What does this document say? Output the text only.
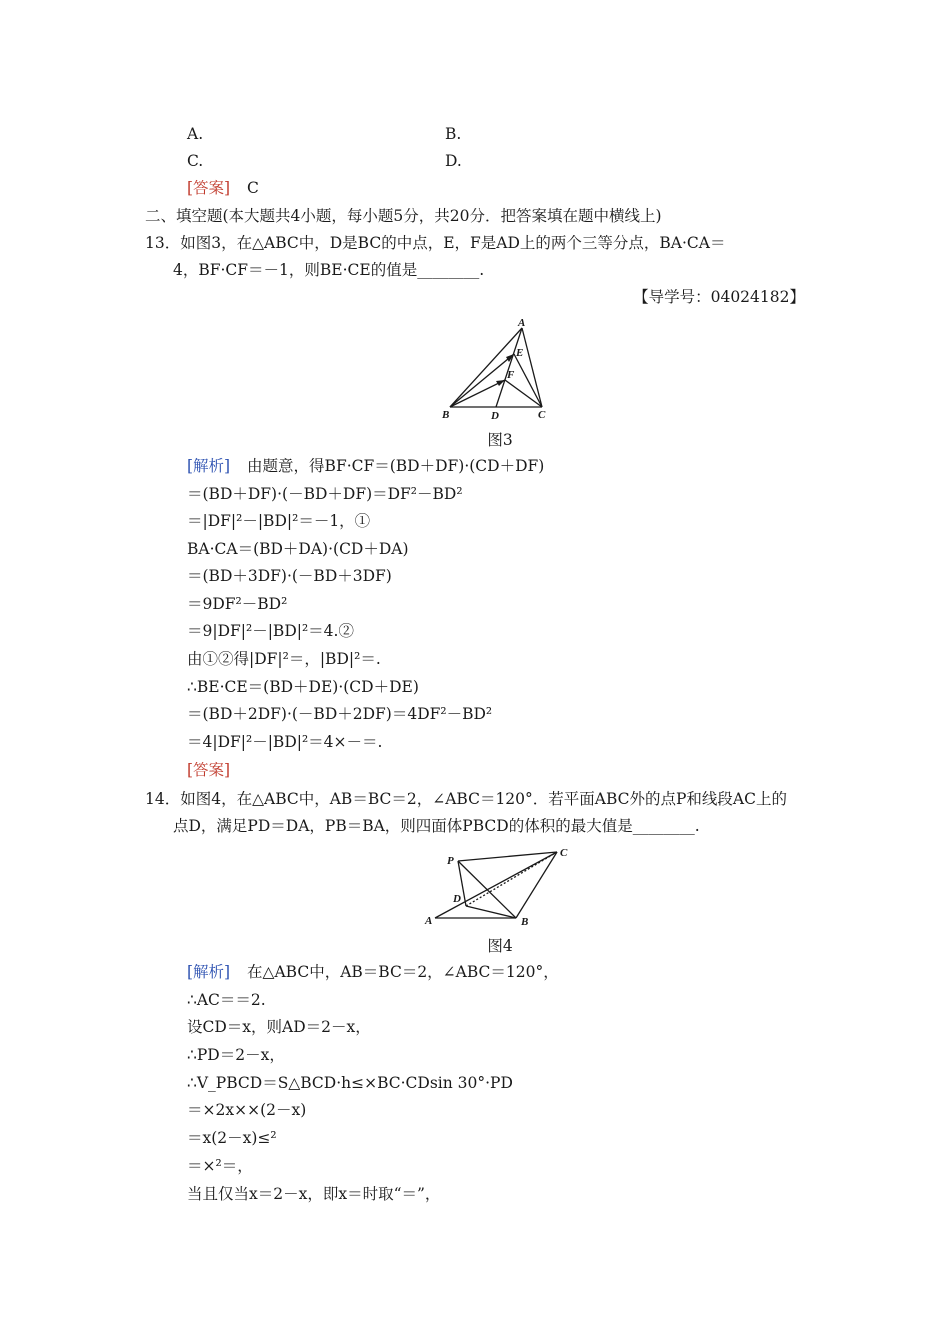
A.	B.
C.	D.
[答案] C
二、填空题(本大题共4小题，每小题5分，共20分．把答案填在题中横线上)
13．如图3，在△ABC中，D是BC的中点，E，F是AD上的两个三等分点，BA·CA＝
4，BF·CF＝－1，则BE·CE的值是________.
【导学号：04024182】
A
E
F
B	D	C
图3
[解析] 由题意，得BF·CF＝(BD＋DF)·(CD＋DF)
＝(BD＋DF)·(－BD＋DF)＝DF²－BD²
＝|DF|²－|BD|²＝－1，①
BA·CA＝(BD＋DA)·(CD＋DA)
＝(BD＋3DF)·(－BD＋3DF)
＝9DF²－BD²
＝9|DF|²－|BD|²＝4.②
由①②得|DF|²＝，|BD|²＝.
∴BE·CE＝(BD＋DE)·(CD＋DE)
＝(BD＋2DF)·(－BD＋2DF)＝4DF²－BD²
＝4|DF|²－|BD|²＝4×－＝.
[答案]
14．如图4，在△ABC中，AB＝BC＝2，∠ABC＝120°．若平面ABC外的点P和线段AC上的
点D，满足PD＝DA，PB＝BA，则四面体PBCD的体积的最大值是________.
P
C
D
A	B
图4
[解析] 在△ABC中，AB＝BC＝2，∠ABC＝120°，
∴AC＝＝2.
设CD＝x，则AD＝2－x，
∴PD＝2－x，
∴V_PBCD＝S△BCD·h≤×BC·CDsin 30°·PD
＝×2x××(2－x)
＝x(2－x)≤²
＝×²＝，
当且仅当x＝2－x，即x＝时取“＝”，
